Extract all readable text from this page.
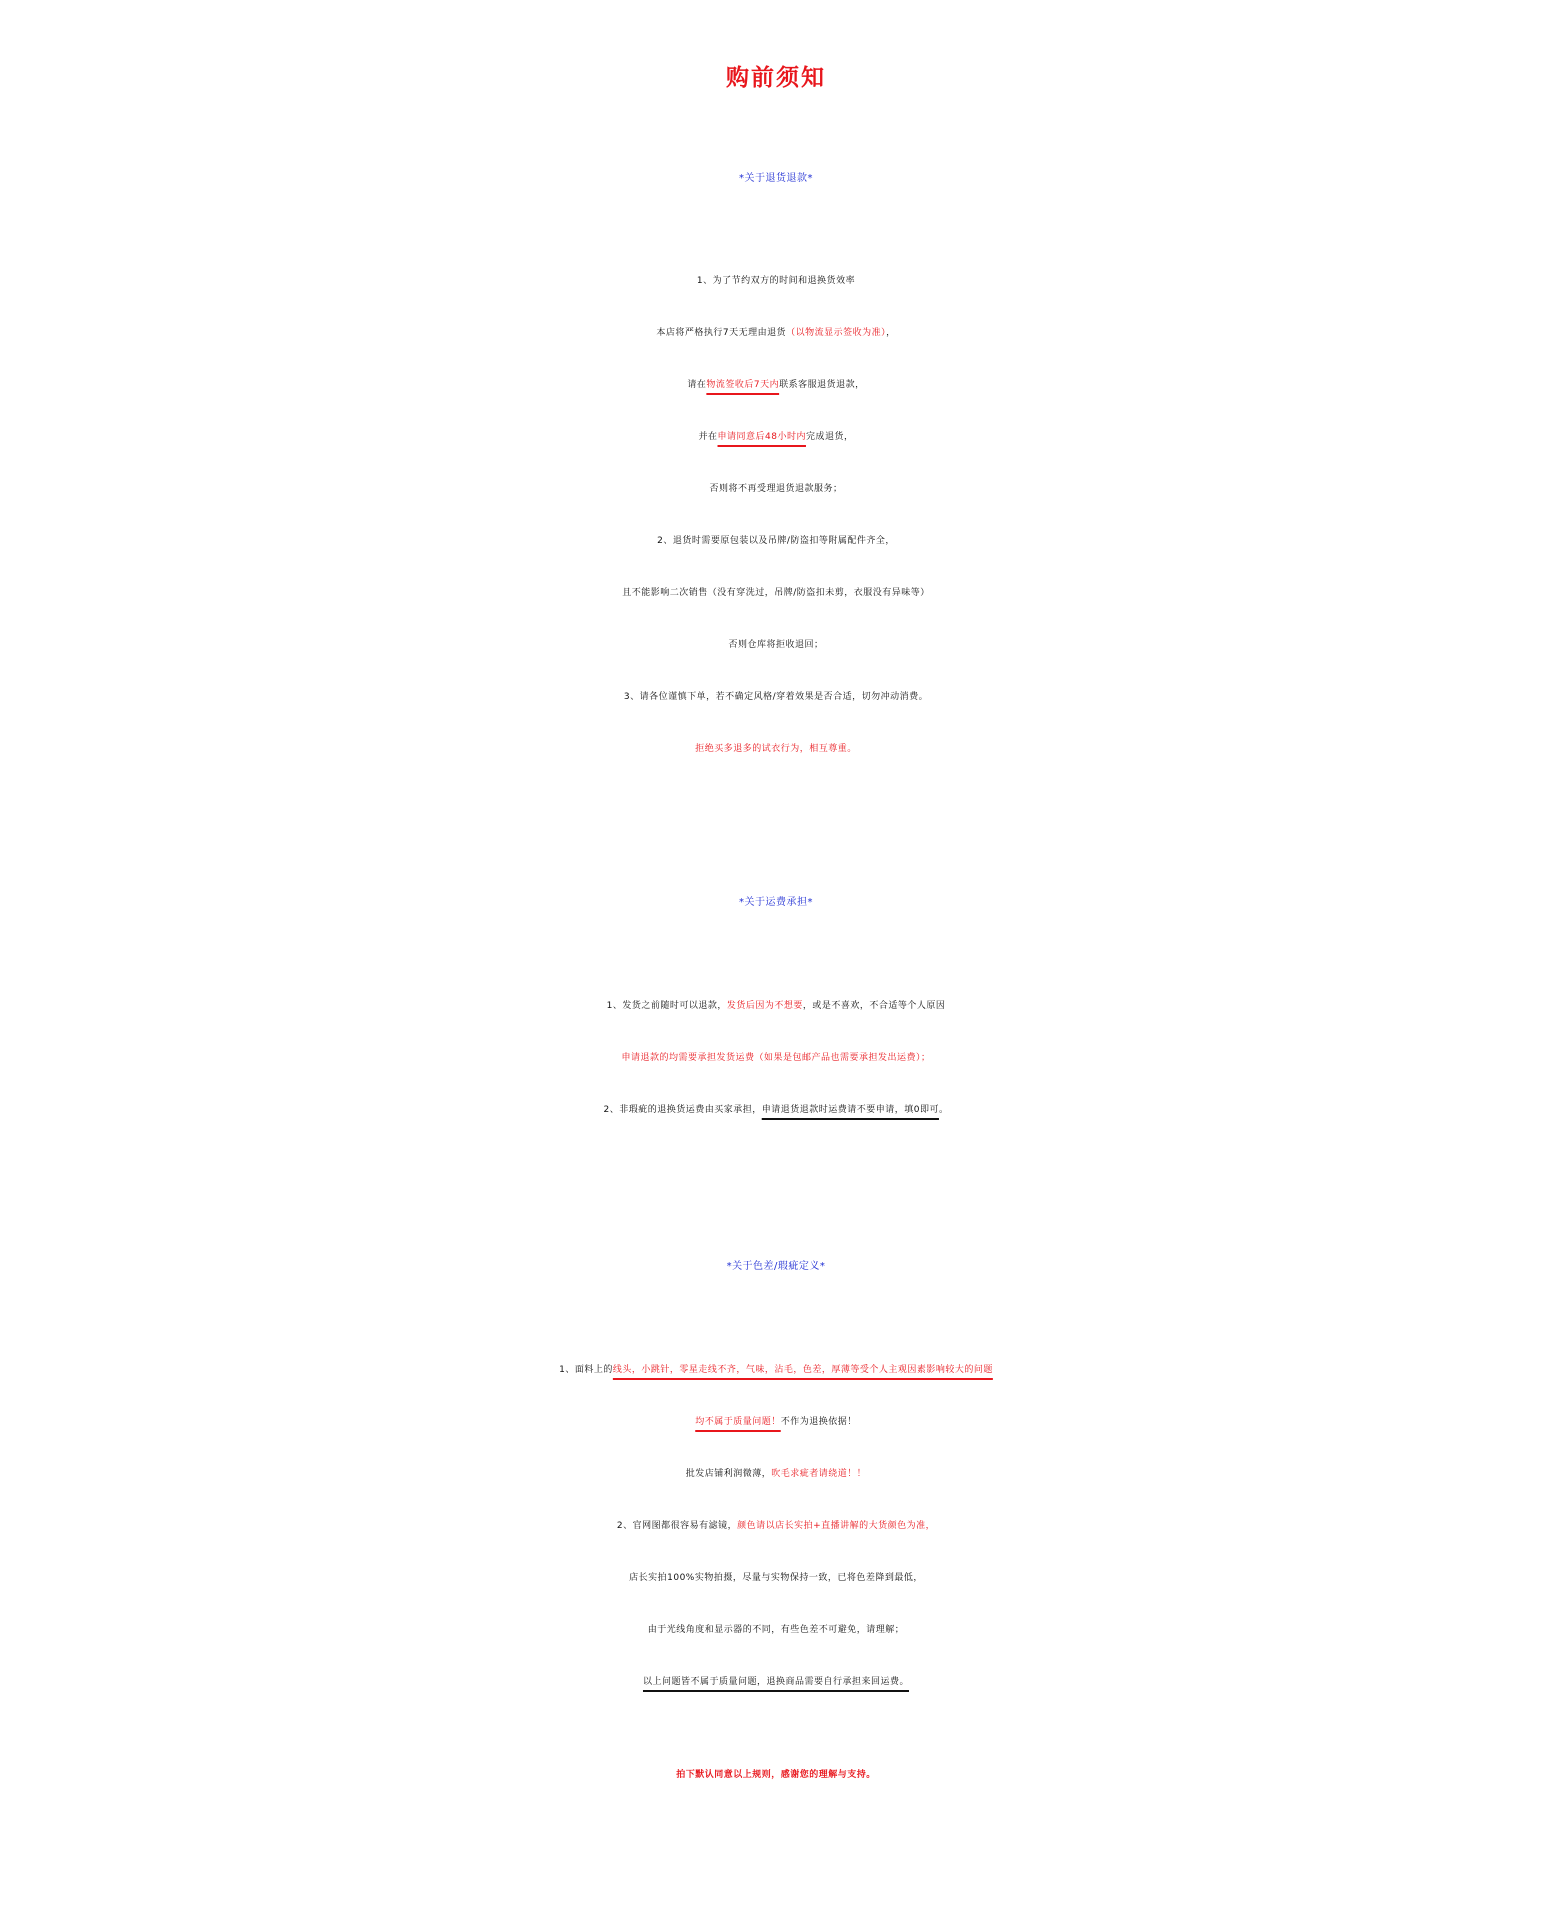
购前须知
*关于退货退款*
1、为了节约双方的时间和退换货效率
本店将严格执行7天无理由退货（以物流显示签收为准），
请在物流签收后7天内联系客服退货退款，
并在申请同意后48小时内完成退货，
否则将不再受理退货退款服务；
2、退货时需要原包装以及吊牌/防盗扣等附属配件齐全，
且不能影响二次销售（没有穿洗过，吊牌/防盗扣未剪，衣服没有异味等）
否则仓库将拒收退回；
3、请各位谨慎下单，若不确定风格/穿着效果是否合适，切勿冲动消费。
拒绝买多退多的试衣行为，相互尊重。
*关于运费承担*
1、发货之前随时可以退款，发货后因为不想要，或是不喜欢，不合适等个人原因
申请退款的均需要承担发货运费（如果是包邮产品也需要承担发出运费）；
2、非瑕疵的退换货运费由买家承担，申请退货退款时运费请不要申请，填0即可。
*关于色差/瑕疵定义*
1、面料上的线头，小跳针，零星走线不齐，气味，沾毛，色差，厚薄等受个人主观因素影响较大的问题
均不属于质量问题！不作为退换依据！
批发店铺利润微薄，吹毛求疵者请绕道！！
2、官网图都很容易有滤镜，颜色请以店长实拍+直播讲解的大货颜色为准，
店长实拍100%实物拍摄，尽量与实物保持一致，已将色差降到最低，
由于光线角度和显示器的不同，有些色差不可避免，请理解；
以上问题皆不属于质量问题，退换商品需要自行承担来回运费。
拍下默认同意以上规则，感谢您的理解与支持。
